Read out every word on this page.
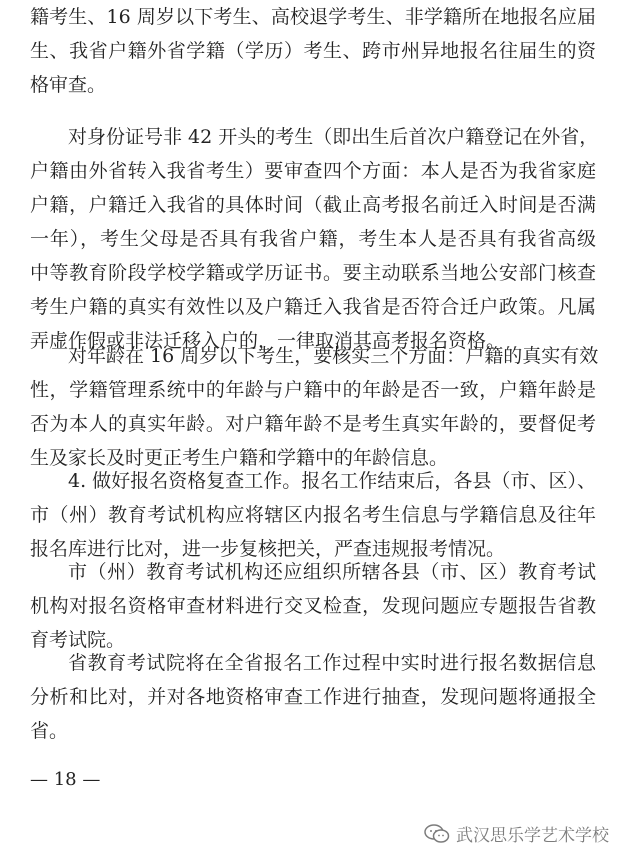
籍考生、16 周岁以下考生、高校退学考生、非学籍所在地报名应届
生、我省户籍外省学籍（学历）考生、跨市州异地报名往届生的资
格审查。
对身份证号非 42 开头的考生（即出生后首次户籍登记在外省，
户籍由外省转入我省考生）要审查四个方面：本人是否为我省家庭
户籍，户籍迁入我省的具体时间（截止高考报名前迁入时间是否满
一年），考生父母是否具有我省户籍，考生本人是否具有我省高级
中等教育阶段学校学籍或学历证书。要主动联系当地公安部门核查
考生户籍的真实有效性以及户籍迁入我省是否符合迁户政策。凡属
弄虚作假或非法迁移入户的，一律取消其高考报名资格。
对年龄在 16 周岁以下考生，要核实三个方面：户籍的真实有效
性，学籍管理系统中的年龄与户籍中的年龄是否一致，户籍年龄是
否为本人的真实年龄。对户籍年龄不是考生真实年龄的，要督促考
生及家长及时更正考生户籍和学籍中的年龄信息。
4. 做好报名资格复查工作。报名工作结束后，各县（市、区）、
市（州）教育考试机构应将辖区内报名考生信息与学籍信息及往年
报名库进行比对，进一步复核把关，严查违规报考情况。
市（州）教育考试机构还应组织所辖各县（市、区）教育考试
机构对报名资格审查材料进行交叉检查，发现问题应专题报告省教
育考试院。
省教育考试院将在全省报名工作过程中实时进行报名数据信息
分析和比对，并对各地资格审查工作进行抽查，发现问题将通报全
省。
— 18 —
武汉思乐学艺术学校
